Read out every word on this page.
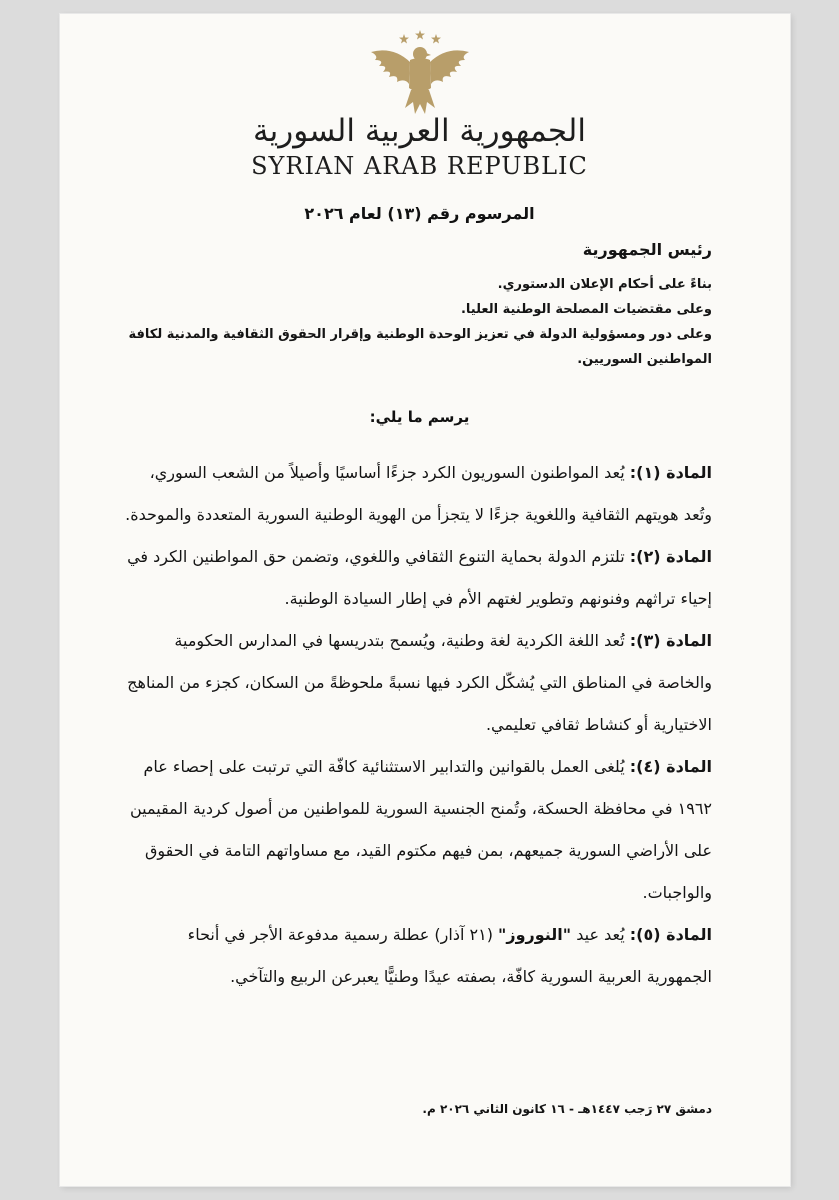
الجمهورية العربية السورية
SYRIAN ARAB REPUBLIC
المرسوم رقم (١٣) لعام ٢٠٢٦
رئيس الجمهورية
بناءً على أحكام الإعلان الدستوري.
وعلى مقتضيات المصلحة الوطنية العليا.
وعلى دور ومسؤولية الدولة في تعزيز الوحدة الوطنية وإقرار الحقوق الثقافية والمدنية لكافة المواطنين السوريين.
يرسم ما يلي:

المادة (١): يُعد المواطنون السوريون الكرد جزءًا أساسيًا وأصيلاً من الشعب السوري، وتُعد هويتهم الثقافية واللغوية جزءًا لا يتجزأ من الهوية الوطنية السورية المتعددة والموحدة.

المادة (٢): تلتزم الدولة بحماية التنوع الثقافي واللغوي، وتضمن حق المواطنين الكرد في إحياء تراثهم وفنونهم وتطوير لغتهم الأم في إطار السيادة الوطنية.

المادة (٣): تُعد اللغة الكردية لغة وطنية، ويُسمح بتدريسها في المدارس الحكومية والخاصة في المناطق التي يُشكّل الكرد فيها نسبةً ملحوظةً من السكان، كجزء من المناهج الاختيارية أو كنشاط ثقافي تعليمي.

المادة (٤): يُلغى العمل بالقوانين والتدابير الاستثنائية كافّة التي ترتبت على إحصاء عام ١٩٦٢ في محافظة الحسكة، وتُمنح الجنسية السورية للمواطنين من أصول كردية المقيمين على الأراضي السورية جميعهم، بمن فيهم مكتوم القيد، مع مساواتهم التامة في الحقوق والواجبات.

المادة (٥): يُعد عيد "النوروز" (٢١ آذار) عطلة رسمية مدفوعة الأجر في أنحاء الجمهورية العربية السورية كافّة، بصفته عيدًا وطنيًّا يعبرعن الربيع والتآخي.

دمشق ٢٧ رَجب ١٤٤٧هـ - ١٦ كانون الثاني ٢٠٢٦ م.
